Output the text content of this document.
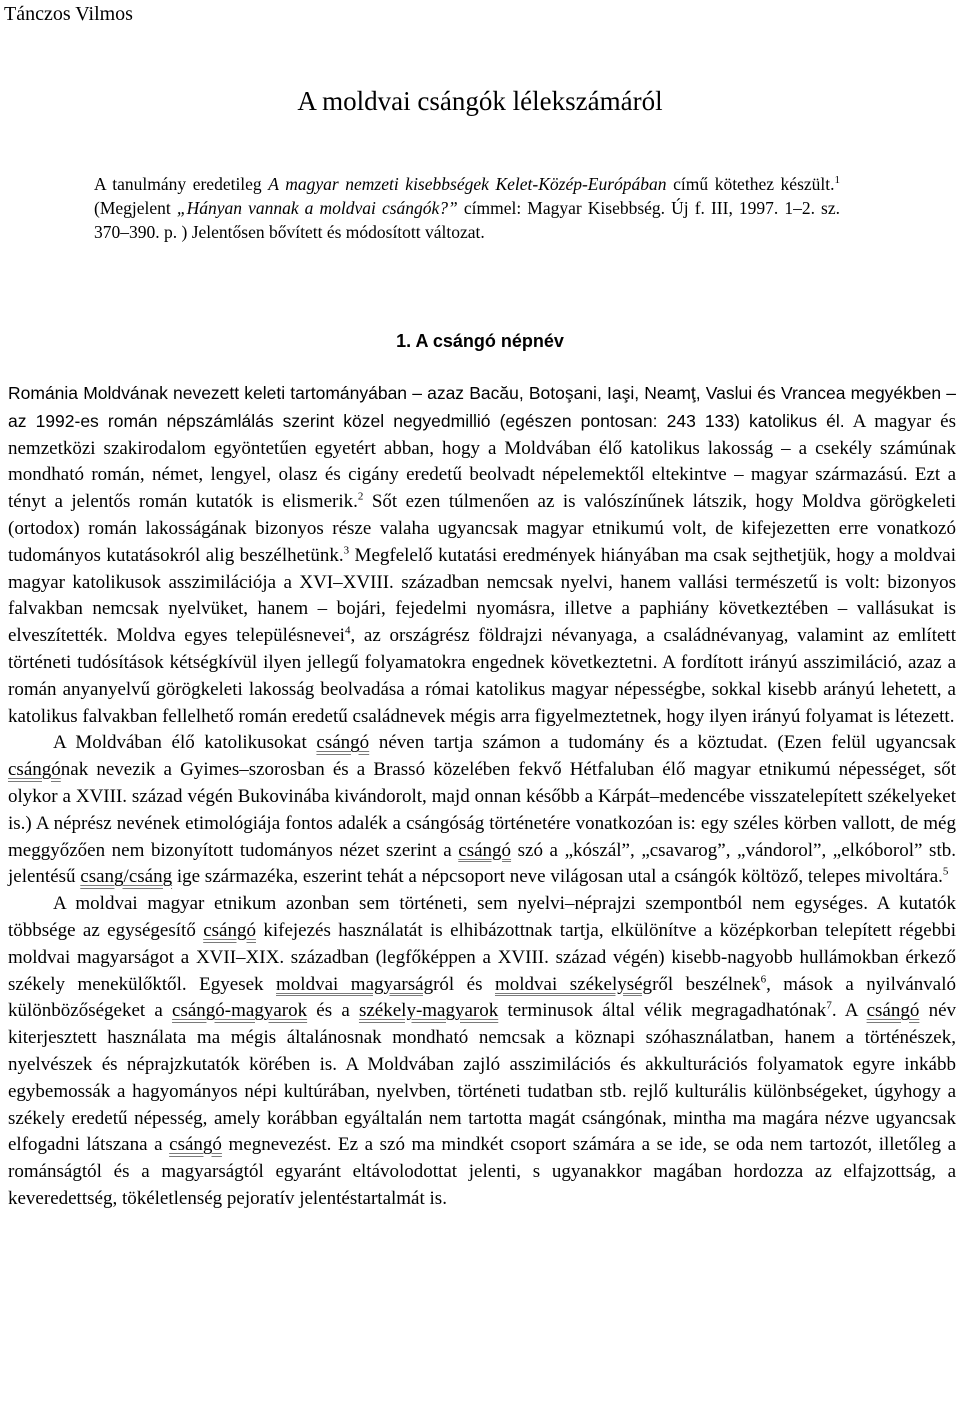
Tánczos Vilmos
A moldvai csángók lélekszámáról
A tanulmány eredetileg A magyar nemzeti kisebbségek Kelet-Közép-Európában című kötethez készült.$^1$ (Megjelent „Hányan vannak a moldvai csángók?” címmel: Magyar Kisebbség. Új f. III, 1997. 1–2. sz. 370–390. p. ) Jelentősen bővített és módosított változat.
1. A csángó népnév

Románia Moldvának nevezett keleti tartományában – azaz Bacău, Botoşani, Iaşi, Neamţ, Vaslui és Vrancea megyékben – az 1992-es román népszámlálás szerint közel negyedmillió (egészen pontosan: 243 133) katolikus él. A magyar és nemzetközi szakirodalom egyöntetűen egyetért abban, hogy a Moldvában élő katolikus lakosság – a csekély számúnak mondható román, német, lengyel, olasz és cigány eredetű beolvadt népelemektől eltekintve – magyar származású. Ezt a tényt a jelentős román kutatók is elismerik.$^2$ Sőt ezen túlmenően az is valószínűnek látszik, hogy Moldva görögkeleti (ortodox) román lakosságának bizonyos része valaha ugyancsak magyar etnikumú volt, de kifejezetten erre vonatkozó tudományos kutatásokról alig beszélhetünk.$^3$ Megfelelő kutatási eredmények hiányában ma csak sejthetjük, hogy a moldvai magyar katolikusok asszimilációja a XVI–XVIII. században nemcsak nyelvi, hanem vallási természetű is volt: bizonyos falvakban nemcsak nyelvüket, hanem – bojári, fejedelmi nyomásra, illetve a paphiány következtében – vallásukat is elveszítették. Moldva egyes településnevei$^4$, az országrész földrajzi névanyaga, a családnévanyag, valamint az említett történeti tudósítások kétségkívül ilyen jellegű folyamatokra engednek következtetni. A fordított irányú asszimiláció, azaz a román anyanyelvű görögkeleti lakosság beolvadása a római katolikus magyar népességbe, sokkal kisebb arányú lehetett, a katolikus falvakban fellelhető román eredetű családnevek mégis arra figyelmeztetnek, hogy ilyen irányú folyamat is létezett.

A Moldvában élő katolikusokat csángó néven tartja számon a tudomány és a köztudat. (Ezen felül ugyancsak csángónak nevezik a Gyimes–szorosban és a Brassó közelében fekvő Hétfaluban élő magyar etnikumú népességet, sőt olykor a XVIII. század végén Bukovinába kivándorolt, majd onnan később a Kárpát–medencébe visszatelepített székelyeket is.) A néprész nevének etimológiája fontos adalék a csángóság történetére vonatkozóan is: egy széles körben vallott, de még meggyőzően nem bizonyított tudományos nézet szerint a csángó szó a „kószál”, „csavarog”, „vándorol”, „elkóborol” stb. jelentésű csang/csáng ige származéka, eszerint tehát a népcsoport neve világosan utal a csángók költöző, telepes mivoltára.$^5$

A moldvai magyar etnikum azonban sem történeti, sem nyelvi–néprajzi szempontból nem egységes. A kutatók többsége az egységesítő csángó kifejezés használatát is elhibázottnak tartja, elkülönítve a középkorban telepített régebbi moldvai magyarságot a XVII–XIX. században (legfőképpen a XVIII. század végén) kisebb-nagyobb hullámokban érkező székely menekülőktől. Egyesek moldvai magyarságról és moldvai székelységről beszélnek$^6$, mások a nyilvánvaló különbözőségeket a csángó-magyarok és a székely-magyarok terminusok által vélik megragadhatónak$^7$. A csángó név kiterjesztett használata ma mégis általánosnak mondható nemcsak a köznapi szóhasználatban, hanem a történészek, nyelvészek és néprajzkutatók körében is. A Moldvában zajló asszimilációs és akkulturációs folyamatok egyre inkább egybemossák a hagyományos népi kultúrában, nyelvben, történeti tudatban stb. rejlő kulturális különbségeket, úgyhogy a székely eredetű népesség, amely korábban egyáltalán nem tartotta magát csángónak, mintha ma magára nézve ugyancsak elfogadni látszana a csángó megnevezést. Ez a szó ma mindkét csoport számára a se ide, se oda nem tartozót, illetőleg a románságtól és a magyarságtól egyaránt eltávolodottat jelenti, s ugyanakkor magában hordozza az elfajzottság, a keveredettség, tökéletlenség pejoratív jelentéstartalmát is.
